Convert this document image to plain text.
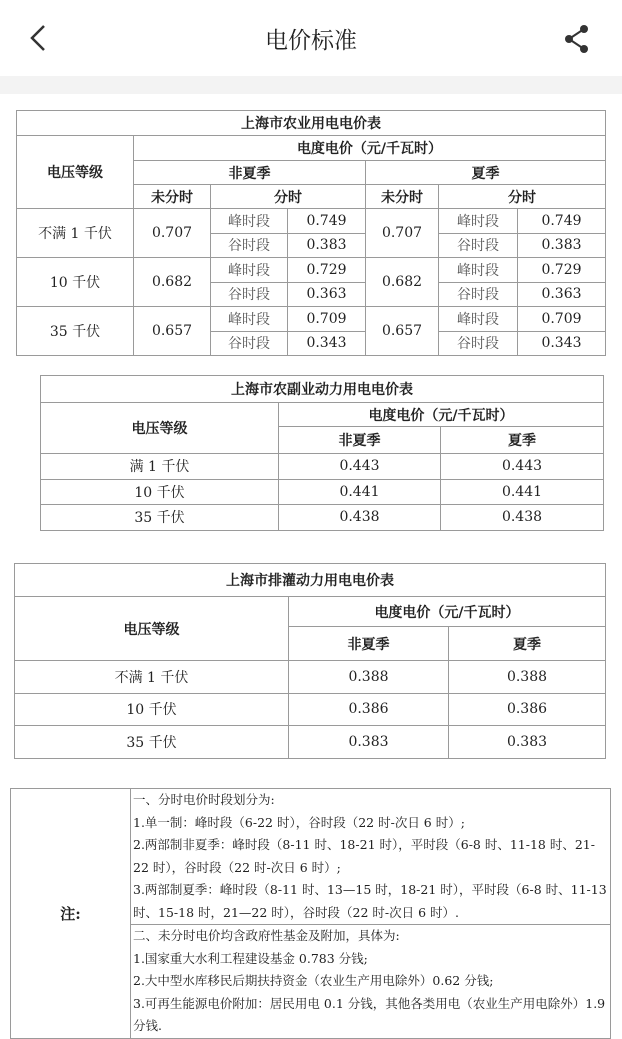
电价标准
上海市农业用电电价表						
电压等级	电度电价（元/千瓦时）					
	非夏季			夏季		
	未分时	分时		未分时	分时	
不满 1 千伏	0.707	峰时段	0.749	0.707	峰时段	0.749
		谷时段	0.383		谷时段	0.383
10 千伏	0.682	峰时段	0.729	0.682	峰时段	0.729
		谷时段	0.363		谷时段	0.363
35 千伏	0.657	峰时段	0.709	0.657	峰时段	0.709
		谷时段	0.343		谷时段	0.343
上海市农副业动力用电电价表		
电压等级	电度电价（元/千瓦时）	
	非夏季	夏季
满 1 千伏	0.443	0.443
10 千伏	0.441	0.441
35 千伏	0.438	0.438
上海市排灌动力用电电价表		
电压等级	电度电价（元/千瓦时）	
	非夏季	夏季
不满 1 千伏	0.388	0.388
10 千伏	0.386	0.386
35 千伏	0.383	0.383
注:	
一、分时电价时段划分为:
1.单一制：峰时段（6-22 时），谷时段（22 时-次日 6 时）;
2.两部制非夏季：峰时段（8-11 时、18-21 时），平时段（6-8 时、11-18 时、21-22 时），谷时段（22 时-次日 6 时）;
3.两部制夏季：峰时段（8-11 时、13—15 时，18-21 时），平时段（6-8 时、11-13 时、15-18 时，21—22 时），谷时段（22 时-次日 6 时）.

二、未分时电价均含政府性基金及附加，具体为:
1.国家重大水利工程建设基金 0.783 分钱;
2.大中型水库移民后期扶持资金（农业生产用电除外）0.62 分钱;
3.可再生能源电价附加：居民用电 0.1 分钱，其他各类用电（农业生产用电除外）1.9 分钱.
